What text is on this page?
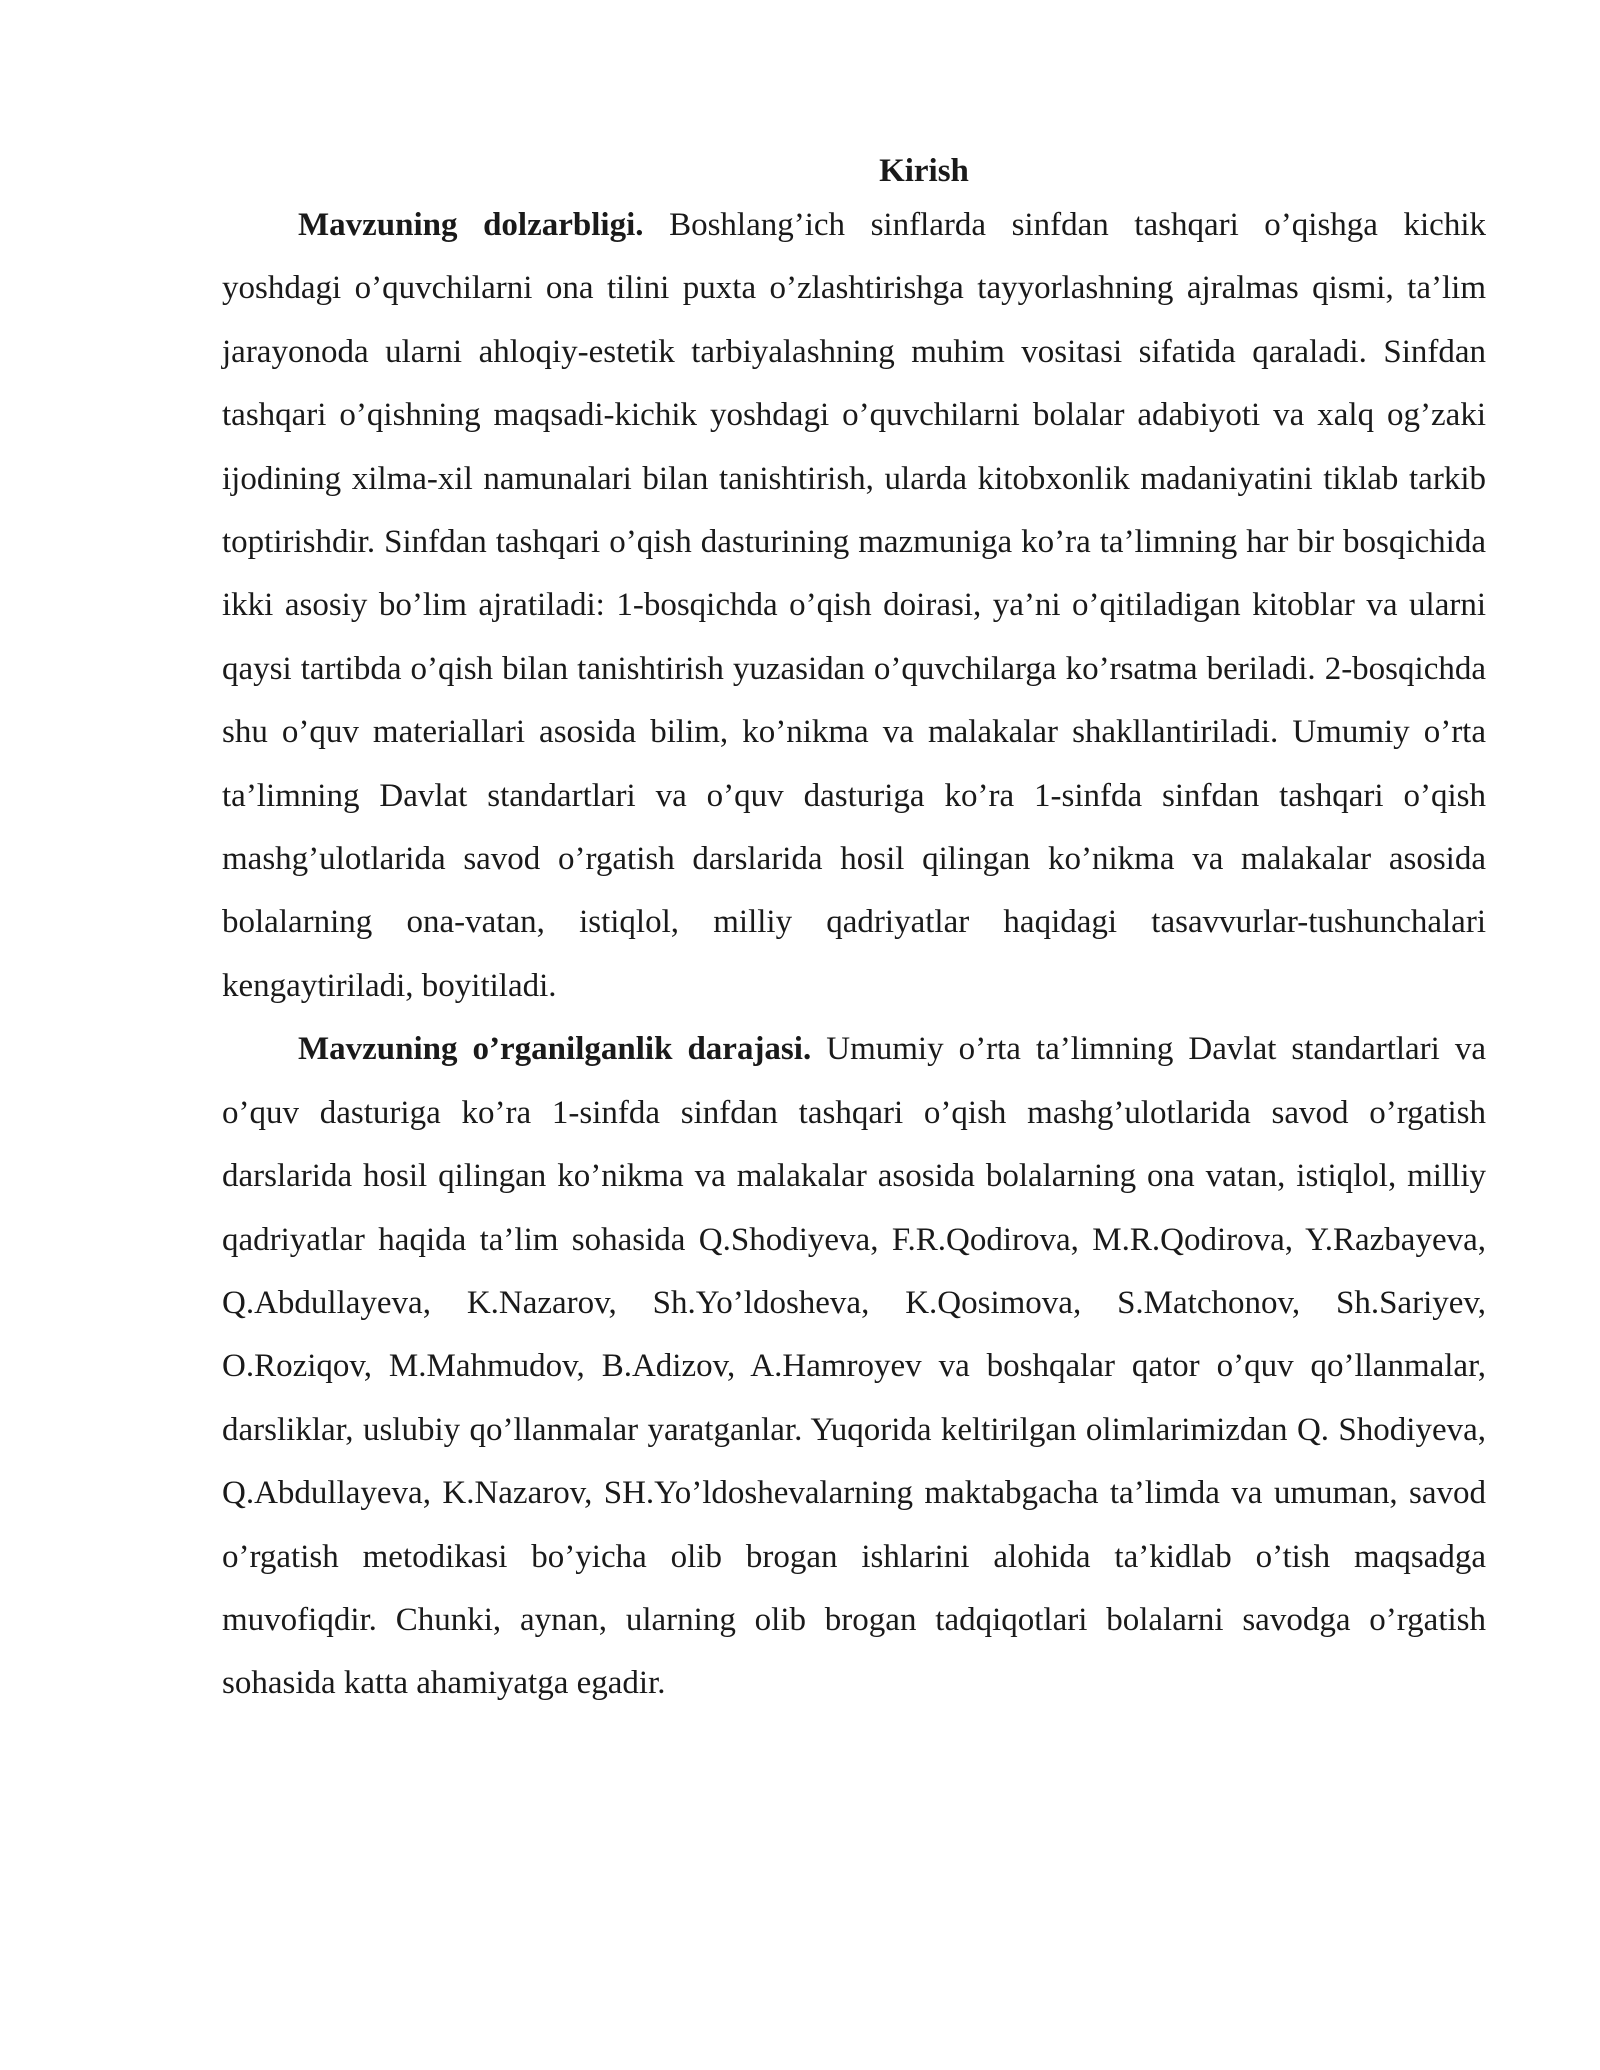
Kirish

Mavzuning dolzarbligi. Boshlang’ich sinflarda sinfdan tashqari o’qishga kichik yoshdagi o’quvchilarni ona tilini puxta o’zlashtirishga tayyorlashning ajralmas qismi, ta’lim jarayonoda ularni ahloqiy-estetik tarbiyalashning muhim vositasi sifatida qaraladi. Sinfdan tashqari o’qishning maqsadi-kichik yoshdagi o’quvchilarni bolalar adabiyoti va xalq og’zaki ijodining xilma-xil namunalari bilan tanishtirish, ularda kitobxonlik madaniyatini tiklab tarkib toptirishdir. Sinfdan tashqari o’qish dasturining mazmuniga ko’ra ta’limning har bir bosqichida ikki asosiy bo’lim ajratiladi: 1-bosqichda o’qish doirasi, ya’ni o’qitiladigan kitoblar va ularni qaysi tartibda o’qish bilan tanishtirish yuzasidan o’quvchilarga ko’rsatma beriladi. 2-bosqichda shu o’quv materiallari asosida bilim, ko’nikma va malakalar shakllantiriladi. Umumiy o’rta ta’limning Davlat standartlari va o’quv dasturiga ko’ra 1-sinfda sinfdan tashqari o’qish mashg’ulotlarida savod o’rgatish darslarida hosil qilingan ko’nikma va malakalar asosida bolalarning ona-vatan, istiqlol, milliy qadriyatlar haqidagi tasavvurlar-tushunchalari kengaytiriladi, boyitiladi.

Mavzuning o’rganilganlik darajasi. Umumiy o’rta ta’limning Davlat standartlari va o’quv dasturiga ko’ra 1-sinfda sinfdan tashqari o’qish mashg’ulotlarida savod o’rgatish darslarida hosil qilingan ko’nikma va malakalar asosida bolalarning ona vatan, istiqlol, milliy qadriyatlar haqida ta’lim sohasida Q.Shodiyeva, F.R.Qodirova, M.R.Qodirova, Y.Razbayeva, Q.Abdullayeva, K.Nazarov, Sh.Yo’ldosheva, K.Qosimova, S.Matchonov, Sh.Sariyev, O.Roziqov, M.Mahmudov, B.Adizov, A.Hamroyev va boshqalar qator o’quv qo’llanmalar, darsliklar, uslubiy qo’llanmalar yaratganlar. Yuqorida keltirilgan olimlarimizdan Q. Shodiyeva, Q.Abdullayeva, K.Nazarov, SH.Yo’ldoshevalarning maktabgacha ta’limda va umuman, savod o’rgatish metodikasi bo’yicha olib brogan ishlarini alohida ta’kidlab o’tish maqsadga muvofiqdir. Chunki, aynan, ularning olib brogan tadqiqotlari bolalarni savodga o’rgatish sohasida katta ahamiyatga egadir.
